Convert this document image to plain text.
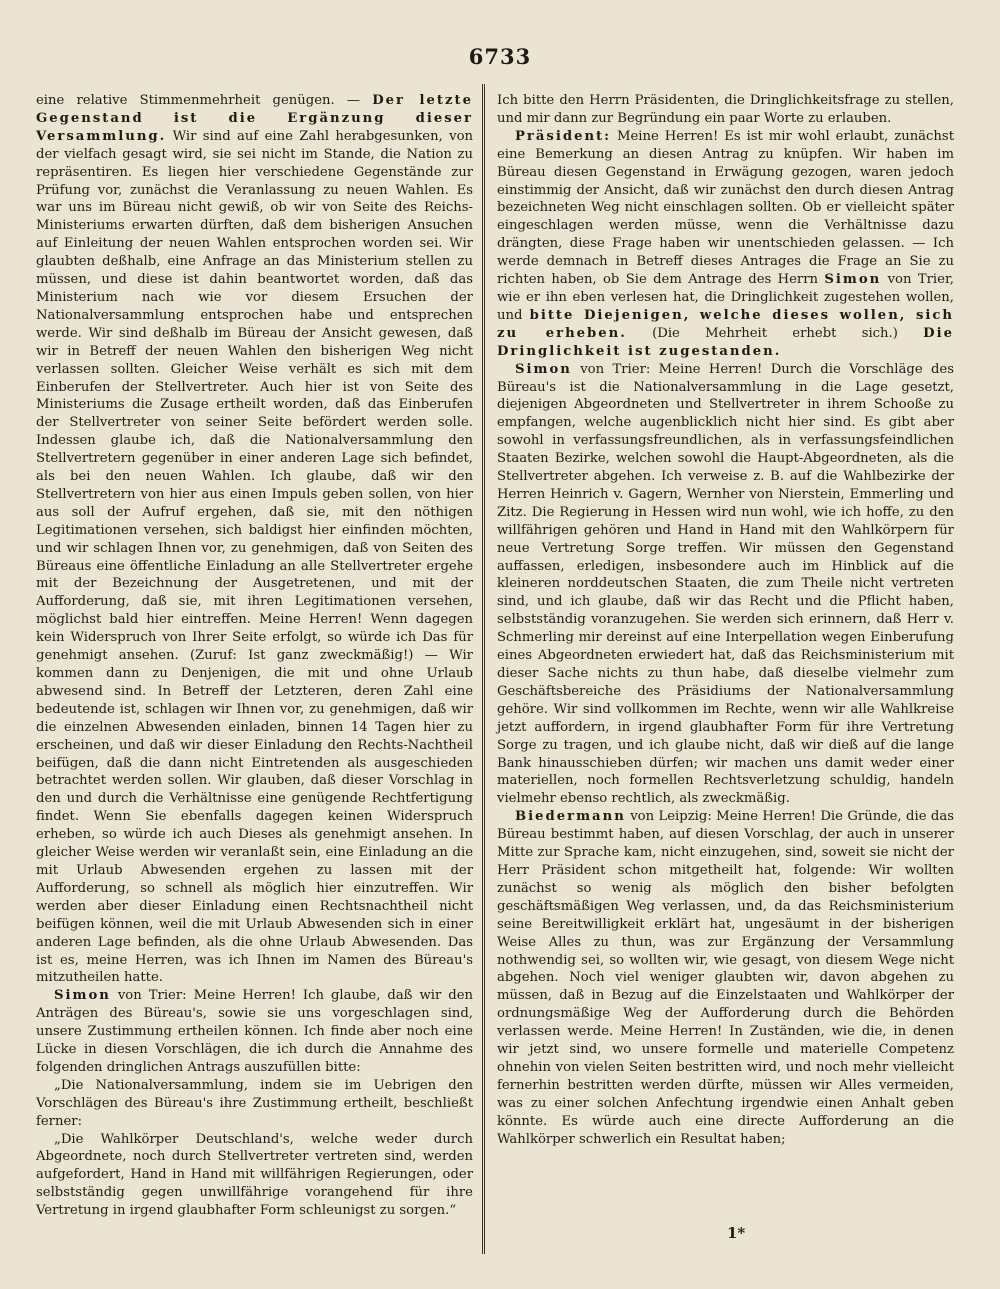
6733

eine relative Stimmenmehrheit genügen. — Der letzte Gegenstand ist die Ergänzung dieser Versammlung. Wir sind auf eine Zahl herabgesunken, von der vielfach gesagt wird, sie sei nicht im Stande, die Nation zu repräsentiren. Es liegen hier verschiedene Gegenstände zur Prüfung vor, zunächst die Veranlassung zu neuen Wahlen. Es war uns im Büreau nicht gewiß, ob wir von Seite des Reichs-Ministeriums erwarten dürften, daß dem bisherigen Ansuchen auf Einleitung der neuen Wahlen entsprochen worden sei. Wir glaubten deßhalb, eine Anfrage an das Ministerium stellen zu müssen, und diese ist dahin beantwortet worden, daß das Ministerium nach wie vor diesem Ersuchen der Nationalversammlung entsprochen habe und entsprechen werde. Wir sind deßhalb im Büreau der Ansicht gewesen, daß wir in Betreff der neuen Wahlen den bisherigen Weg nicht verlassen sollten. Gleicher Weise verhält es sich mit dem Einberufen der Stellvertreter. Auch hier ist von Seite des Ministeriums die Zusage ertheilt worden, daß das Einberufen der Stellvertreter von seiner Seite befördert werden solle. Indessen glaube ich, daß die Nationalversammlung den Stellvertretern gegenüber in einer anderen Lage sich befindet, als bei den neuen Wahlen. Ich glaube, daß wir den Stellvertretern von hier aus einen Impuls geben sollen, von hier aus soll der Aufruf ergehen, daß sie, mit den nöthigen Legitimationen versehen, sich baldigst hier einfinden möchten, und wir schlagen Ihnen vor, zu genehmigen, daß von Seiten des Büreaus eine öffentliche Einladung an alle Stellvertreter ergehe mit der Bezeichnung der Ausgetretenen, und mit der Aufforderung, daß sie, mit ihren Legitimationen versehen, möglichst bald hier eintreffen. Meine Herren! Wenn dagegen kein Widerspruch von Ihrer Seite erfolgt, so würde ich Das für genehmigt ansehen. (Zuruf: Ist ganz zweckmäßig!) — Wir kommen dann zu Denjenigen, die mit und ohne Urlaub abwesend sind. In Betreff der Letzteren, deren Zahl eine bedeutende ist, schlagen wir Ihnen vor, zu genehmigen, daß wir die einzelnen Abwesenden einladen, binnen 14 Tagen hier zu erscheinen, und daß wir dieser Einladung den Rechts-Nachtheil beifügen, daß die dann nicht Eintretenden als ausgeschieden betrachtet werden sollen. Wir glauben, daß dieser Vorschlag in den und durch die Verhältnisse eine genügende Rechtfertigung findet. Wenn Sie ebenfalls dagegen keinen Widerspruch erheben, so würde ich auch Dieses als genehmigt ansehen. In gleicher Weise werden wir veranlaßt sein, eine Einladung an die mit Urlaub Abwesenden ergehen zu lassen mit der Aufforderung, so schnell als möglich hier einzutreffen. Wir werden aber dieser Einladung einen Rechtsnachtheil nicht beifügen können, weil die mit Urlaub Abwesenden sich in einer anderen Lage befinden, als die ohne Urlaub Abwesenden. Das ist es, meine Herren, was ich Ihnen im Namen des Büreau's mitzutheilen hatte.

Simon von Trier: Meine Herren! Ich glaube, daß wir den Anträgen des Büreau's, sowie sie uns vorgeschlagen sind, unsere Zustimmung ertheilen können. Ich finde aber noch eine Lücke in diesen Vorschlägen, die ich durch die Annahme des folgenden dringlichen Antrags auszufüllen bitte:

„Die Nationalversammlung, indem sie im Uebrigen den Vorschlägen des Büreau's ihre Zustimmung ertheilt, beschließt ferner:

„Die Wahlkörper Deutschland's, welche weder durch Abgeordnete, noch durch Stellvertreter vertreten sind, werden aufgefordert, Hand in Hand mit willfährigen Regierungen, oder selbstständig gegen unwillfährige vorangehend für ihre Vertretung in irgend glaubhafter Form schleunigst zu sorgen.“

Ich bitte den Herrn Präsidenten, die Dringlichkeitsfrage zu stellen, und mir dann zur Begründung ein paar Worte zu erlauben.

Präsident: Meine Herren! Es ist mir wohl erlaubt, zunächst eine Bemerkung an diesen Antrag zu knüpfen. Wir haben im Büreau diesen Gegenstand in Erwägung gezogen, waren jedoch einstimmig der Ansicht, daß wir zunächst den durch diesen Antrag bezeichneten Weg nicht einschlagen sollten. Ob er vielleicht später eingeschlagen werden müsse, wenn die Verhältnisse dazu drängten, diese Frage haben wir unentschieden gelassen. — Ich werde demnach in Betreff dieses Antrages die Frage an Sie zu richten haben, ob Sie dem Antrage des Herrn Simon von Trier, wie er ihn eben verlesen hat, die Dringlichkeit zugestehen wollen, und bitte Diejenigen, welche dieses wollen, sich zu erheben. (Die Mehrheit erhebt sich.) Die Dringlichkeit ist zugestanden.

Simon von Trier: Meine Herren! Durch die Vorschläge des Büreau's ist die Nationalversammlung in die Lage gesetzt, diejenigen Abgeordneten und Stellvertreter in ihrem Schooße zu empfangen, welche augenblicklich nicht hier sind. Es gibt aber sowohl in verfassungsfreundlichen, als in verfassungsfeindlichen Staaten Bezirke, welchen sowohl die Haupt-Abgeordneten, als die Stellvertreter abgehen. Ich verweise z. B. auf die Wahlbezirke der Herren Heinrich v. Gagern, Wernher von Nierstein, Emmerling und Zitz. Die Regierung in Hessen wird nun wohl, wie ich hoffe, zu den willfährigen gehören und Hand in Hand mit den Wahlkörpern für neue Vertretung Sorge treffen. Wir müssen den Gegenstand auffassen, erledigen, insbesondere auch im Hinblick auf die kleineren norddeutschen Staaten, die zum Theile nicht vertreten sind, und ich glaube, daß wir das Recht und die Pflicht haben, selbstständig voranzugehen. Sie werden sich erinnern, daß Herr v. Schmerling mir dereinst auf eine Interpellation wegen Einberufung eines Abgeordneten erwiedert hat, daß das Reichsministerium mit dieser Sache nichts zu thun habe, daß dieselbe vielmehr zum Geschäftsbereiche des Präsidiums der Nationalversammlung gehöre. Wir sind vollkommen im Rechte, wenn wir alle Wahlkreise jetzt auffordern, in irgend glaubhafter Form für ihre Vertretung Sorge zu tragen, und ich glaube nicht, daß wir dieß auf die lange Bank hinausschieben dürfen; wir machen uns damit weder einer materiellen, noch formellen Rechtsverletzung schuldig, handeln vielmehr ebenso rechtlich, als zweckmäßig.

Biedermann von Leipzig: Meine Herren! Die Gründe, die das Büreau bestimmt haben, auf diesen Vorschlag, der auch in unserer Mitte zur Sprache kam, nicht einzugehen, sind, soweit sie nicht der Herr Präsident schon mitgetheilt hat, folgende: Wir wollten zunächst so wenig als möglich den bisher befolgten geschäftsmäßigen Weg verlassen, und, da das Reichsministerium seine Bereitwilligkeit erklärt hat, ungesäumt in der bisherigen Weise Alles zu thun, was zur Ergänzung der Versammlung nothwendig sei, so wollten wir, wie gesagt, von diesem Wege nicht abgehen. Noch viel weniger glaubten wir, davon abgehen zu müssen, daß in Bezug auf die Einzelstaaten und Wahlkörper der ordnungsmäßige Weg der Aufforderung durch die Behörden verlassen werde. Meine Herren! In Zuständen, wie die, in denen wir jetzt sind, wo unsere formelle und materielle Competenz ohnehin von vielen Seiten bestritten wird, und noch mehr vielleicht fernerhin bestritten werden dürfte, müssen wir Alles vermeiden, was zu einer solchen Anfechtung irgendwie einen Anhalt geben könnte. Es würde auch eine directe Aufforderung an die Wahlkörper schwerlich ein Resultat haben;

1*
